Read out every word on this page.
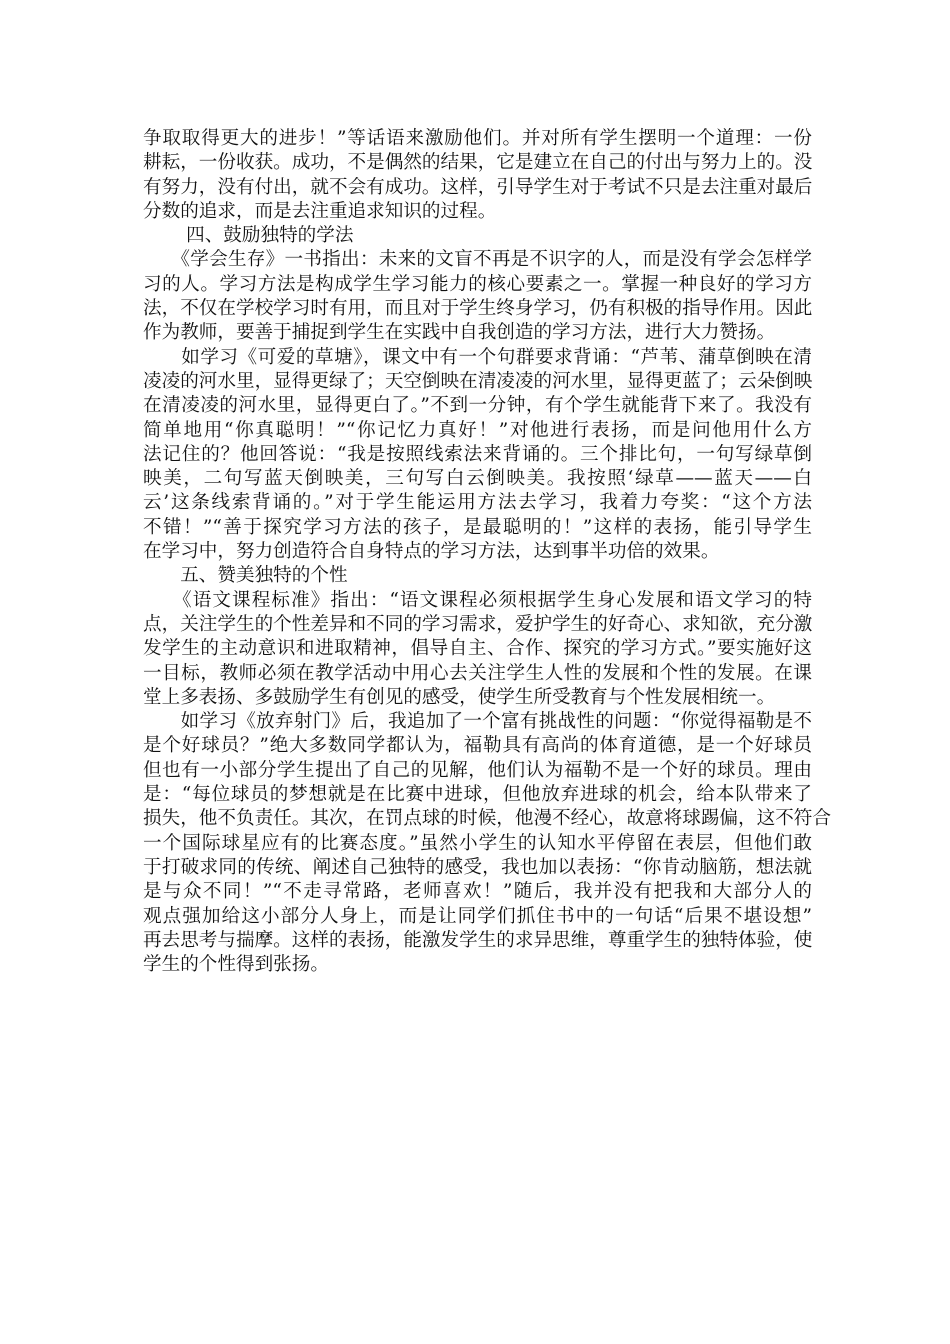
争取取得更大的进步！”等话语来激励他们。并对所有学生摆明一个道理：一份
耕耘，一份收获。成功，不是偶然的结果，它是建立在自己的付出与努力上的。没
有努力，没有付出，就不会有成功。这样，引导学生对于考试不只是去注重对最后
分数的追求，而是去注重追求知识的过程。
　　 四、鼓励独特的学法
　　《学会生存》一书指出：未来的文盲不再是不识字的人，而是没有学会怎样学
习的人。学习方法是构成学生学习能力的核心要素之一。掌握一种良好的学习方
法，不仅在学校学习时有用，而且对于学生终身学习，仍有积极的指导作用。因此
作为教师，要善于捕捉到学生在实践中自我创造的学习方法，进行大力赞扬。
　　如学习《可爱的草塘》，课文中有一个句群要求背诵：“芦苇、蒲草倒映在清
凌凌的河水里，显得更绿了；天空倒映在清凌凌的河水里，显得更蓝了；云朵倒映
在清凌凌的河水里，显得更白了。”不到一分钟，有个学生就能背下来了。我没有
简单地用“你真聪明！”“你记忆力真好！”对他进行表扬，而是问他用什么方
法记住的？他回答说：“我是按照线索法来背诵的。三个排比句，一句写绿草倒
映美，二句写蓝天倒映美，三句写白云倒映美。我按照‘绿草——蓝天——白
云’这条线索背诵的。”对于学生能运用方法去学习，我着力夸奖：“这个方法
不错！”“善于探究学习方法的孩子，是最聪明的！”这样的表扬，能引导学生
在学习中，努力创造符合自身特点的学习方法，达到事半功倍的效果。
　　五、赞美独特的个性
　　《语文课程标准》指出：“语文课程必须根据学生身心发展和语文学习的特
点，关注学生的个性差异和不同的学习需求，爱护学生的好奇心、求知欲，充分激
发学生的主动意识和进取精神，倡导自主、合作、探究的学习方式。”要实施好这
一目标，教师必须在教学活动中用心去关注学生人性的发展和个性的发展。在课
堂上多表扬、多鼓励学生有创见的感受，使学生所受教育与个性发展相统一。
　　如学习《放弃射门》后，我追加了一个富有挑战性的问题：“你觉得福勒是不
是个好球员？”绝大多数同学都认为，福勒具有高尚的体育道德，是一个好球员
但也有一小部分学生提出了自己的见解，他们认为福勒不是一个好的球员。理由
是：“每位球员的梦想就是在比赛中进球，但他放弃进球的机会，给本队带来了
损失，他不负责任。其次，在罚点球的时候，他漫不经心，故意将球踢偏，这不符合
一个国际球星应有的比赛态度。”虽然小学生的认知水平停留在表层，但他们敢
于打破求同的传统、阐述自己独特的感受，我也加以表扬：“你肯动脑筋，想法就
是与众不同！”“不走寻常路，老师喜欢！”随后，我并没有把我和大部分人的
观点强加给这小部分人身上，而是让同学们抓住书中的一句话“后果不堪设想”
再去思考与揣摩。这样的表扬，能激发学生的求异思维，尊重学生的独特体验，使
学生的个性得到张扬。
